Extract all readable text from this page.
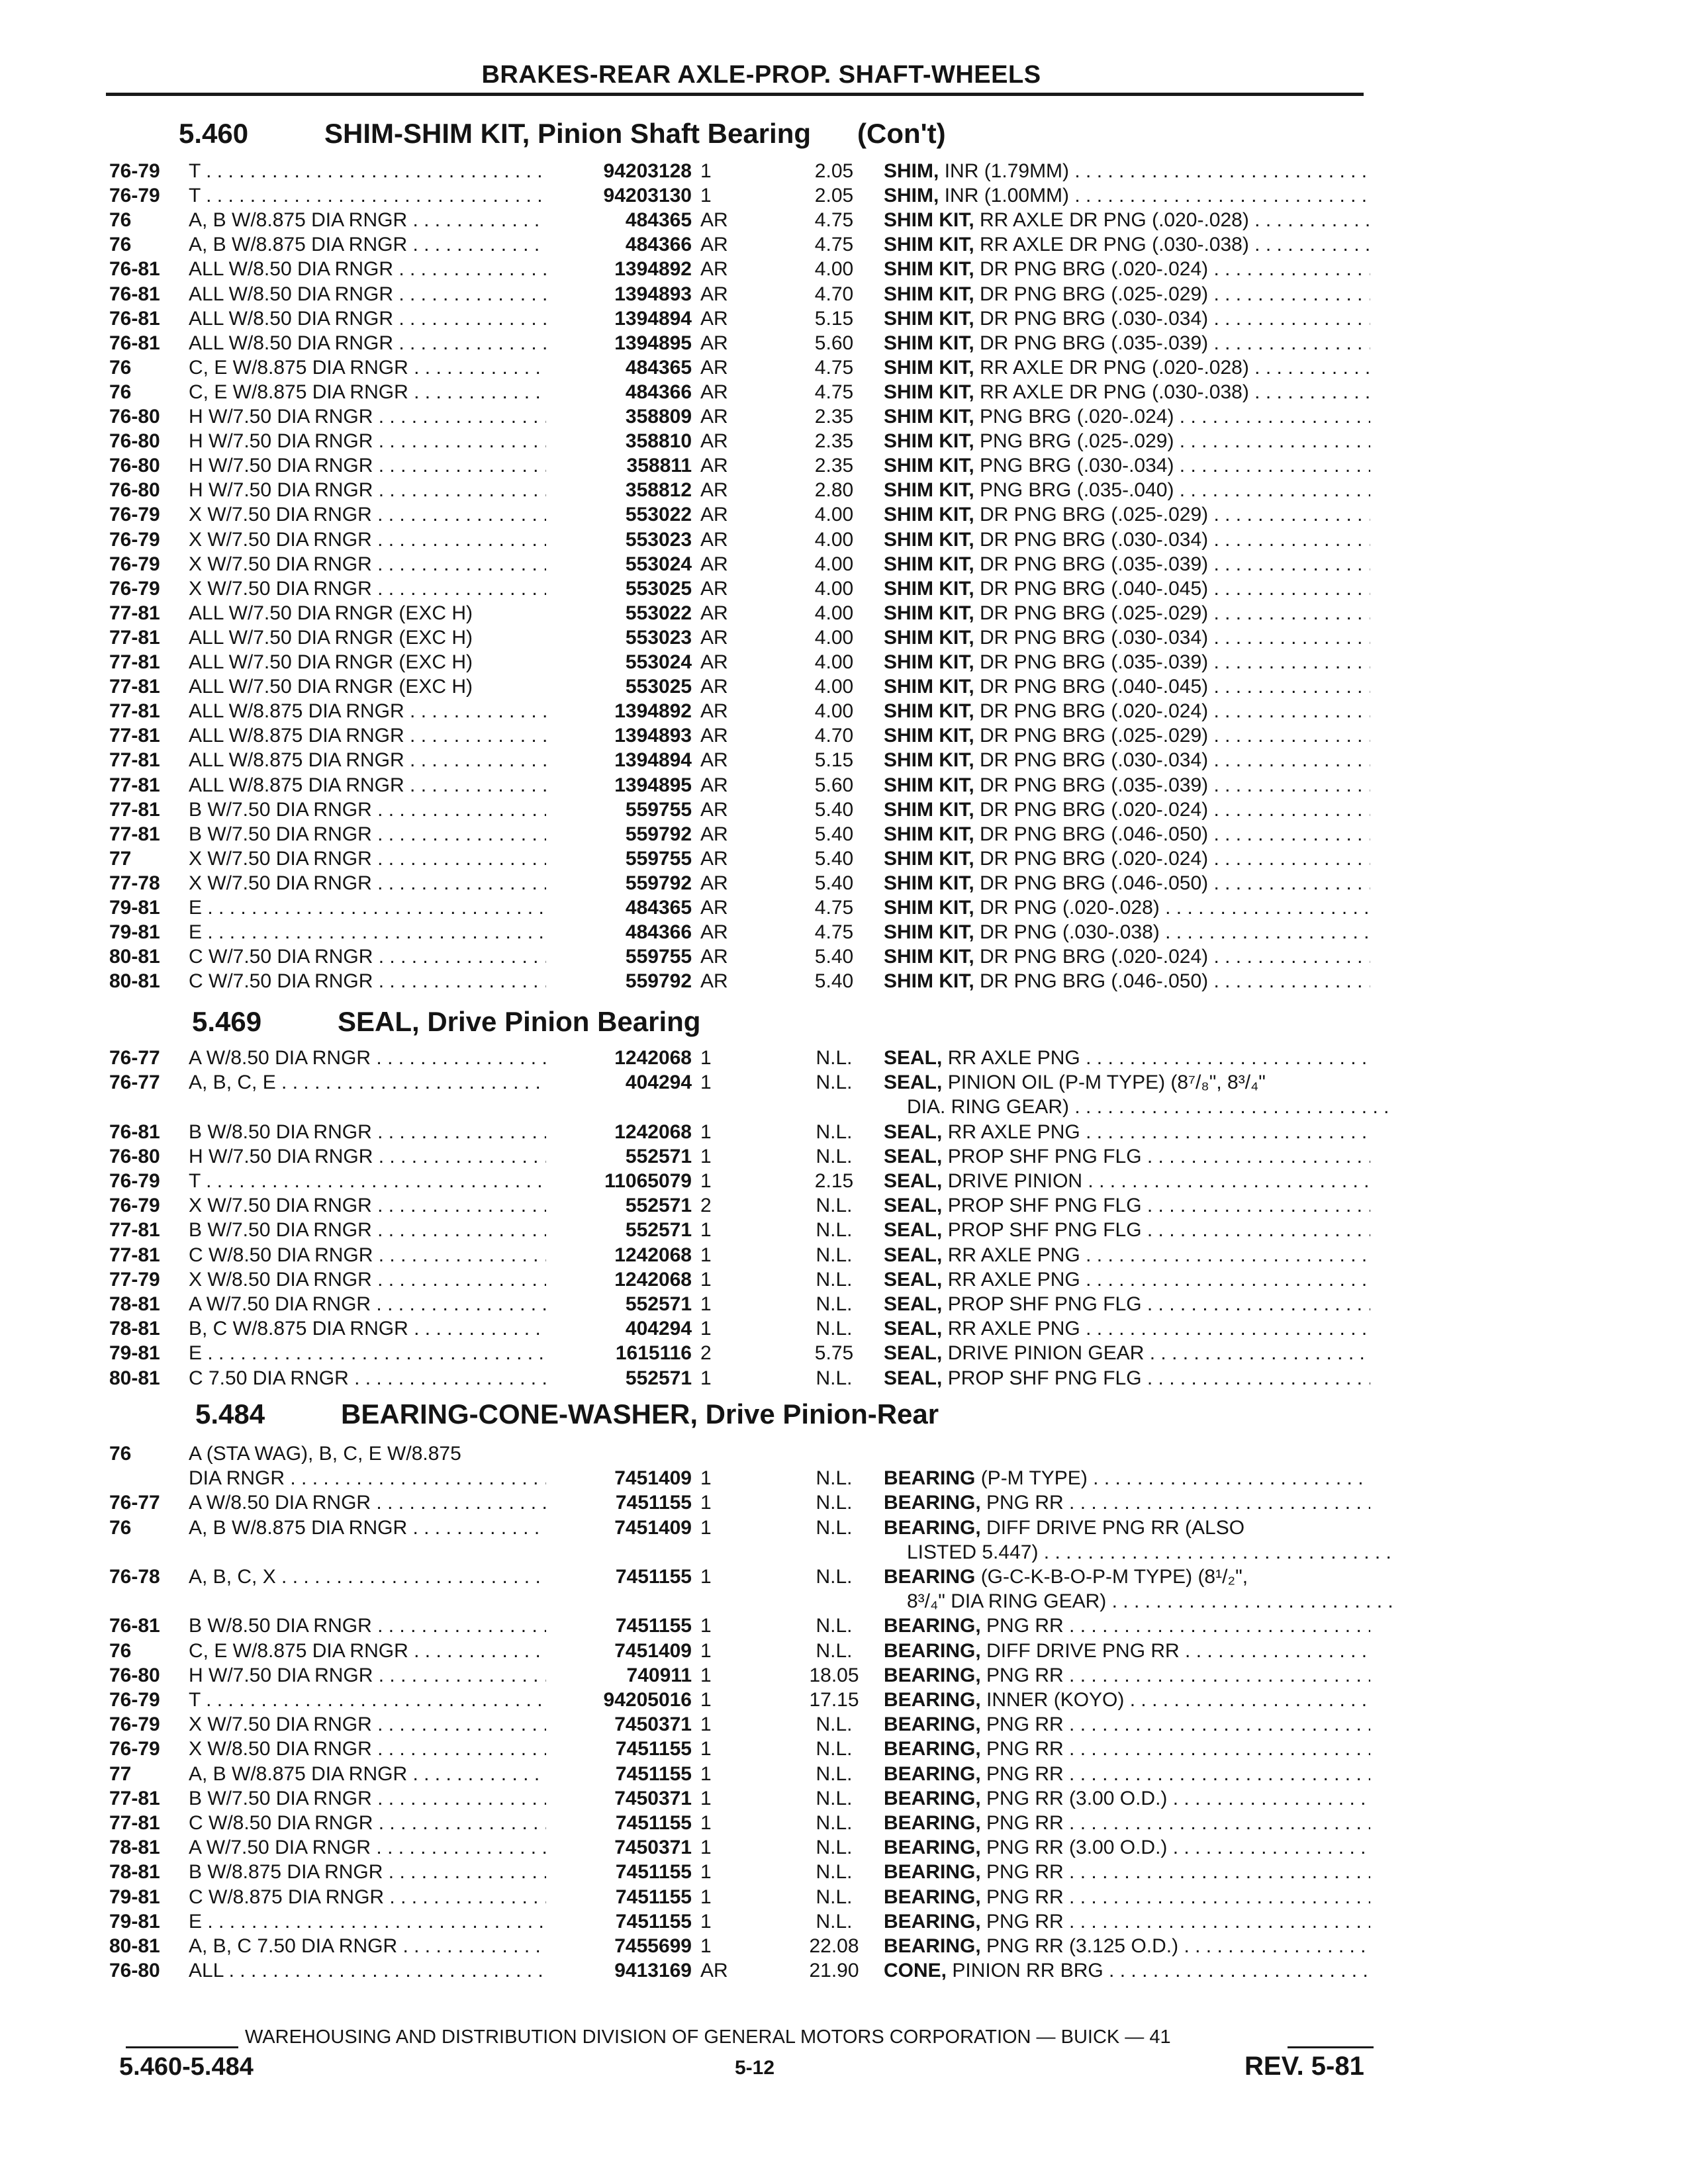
BRAKES-REAR AXLE-PROP. SHAFT-WHEELS
5.460	SHIM-SHIM KIT, Pinion Shaft Bearing (Con't)
76-79 T . . .	94203128 1	2.05	SHIM, INR (1.79MM) . . .
76-79 T . . .	94203130 1	2.05	SHIM, INR (1.00MM) . . .
76	A, B W/8.875 DIA RNGR . . .	484365 AR	4.75	SHIM KIT, RR AXLE DR PNG (.020-.028) . . .
76	A, B W/8.875 DIA RNGR . . .	484366 AR	4.75	SHIM KIT, RR AXLE DR PNG (.030-.038) . . .
76-81 ALL W/8.50 DIA RNGR . . .	1394892 AR	4.00	SHIM KIT, DR PNG BRG (.020-.024) . . .
76-81 ALL W/8.50 DIA RNGR . . .	1394893 AR	4.70	SHIM KIT, DR PNG BRG (.025-.029) . . .
76-81 ALL W/8.50 DIA RNGR . . .	1394894 AR	5.15	SHIM KIT, DR PNG BRG (.030-.034) . . .
76-81 ALL W/8.50 DIA RNGR . . .	1394895 AR	5.60	SHIM KIT, DR PNG BRG (.035-.039) . . .
76	C, E W/8.875 DIA RNGR . . .	484365 AR	4.75	SHIM KIT, RR AXLE DR PNG (.020-.028) . . .
76	C, E W/8.875 DIA RNGR . . .	484366 AR	4.75	SHIM KIT, RR AXLE DR PNG (.030-.038) . . .
76-80 H W/7.50 DIA RNGR . . .	358809 AR	2.35	SHIM KIT, PNG BRG (.020-.024) . . .
76-80 H W/7.50 DIA RNGR . . .	358810 AR	2.35	SHIM KIT, PNG BRG (.025-.029) . . .
76-80 H W/7.50 DIA RNGR . . .	358811 AR	2.35	SHIM KIT, PNG BRG (.030-.034) . . .
76-80 H W/7.50 DIA RNGR . . .	358812 AR	2.80	SHIM KIT, PNG BRG (.035-.040) . . .
76-79 X W/7.50 DIA RNGR . . .	553022 AR	4.00	SHIM KIT, DR PNG BRG (.025-.029) . . .
76-79 X W/7.50 DIA RNGR . . .	553023 AR	4.00	SHIM KIT, DR PNG BRG (.030-.034) . . .
76-79 X W/7.50 DIA RNGR . . .	553024 AR	4.00	SHIM KIT, DR PNG BRG (.035-.039) . . .
76-79 X W/7.50 DIA RNGR . . .	553025 AR	4.00	SHIM KIT, DR PNG BRG (.040-.045) . . .
77-81 ALL W/7.50 DIA RNGR (EXC H)	553022 AR	4.00	SHIM KIT, DR PNG BRG (.025-.029) . . .
77-81 ALL W/7.50 DIA RNGR (EXC H)	553023 AR	4.00	SHIM KIT, DR PNG BRG (.030-.034) . . .
77-81 ALL W/7.50 DIA RNGR (EXC H)	553024 AR	4.00	SHIM KIT, DR PNG BRG (.035-.039) . . .
77-81 ALL W/7.50 DIA RNGR (EXC H)	553025 AR	4.00	SHIM KIT, DR PNG BRG (.040-.045) . . .
77-81 ALL W/8.875 DIA RNGR . . .	1394892 AR	4.00	SHIM KIT, DR PNG BRG (.020-.024) . . .
77-81 ALL W/8.875 DIA RNGR . . .	1394893 AR	4.70	SHIM KIT, DR PNG BRG (.025-.029) . . .
77-81 ALL W/8.875 DIA RNGR . . .	1394894 AR	5.15	SHIM KIT, DR PNG BRG (.030-.034) . . .
77-81 ALL W/8.875 DIA RNGR . . .	1394895 AR	5.60	SHIM KIT, DR PNG BRG (.035-.039) . . .
77-81 B W/7.50 DIA RNGR . . .	559755 AR	5.40	SHIM KIT, DR PNG BRG (.020-.024) . . .
77-81 B W/7.50 DIA RNGR . . .	559792 AR	5.40	SHIM KIT, DR PNG BRG (.046-.050) . . .
77	X W/7.50 DIA RNGR . . .	559755 AR	5.40	SHIM KIT, DR PNG BRG (.020-.024) . . .
77-78 X W/7.50 DIA RNGR . . .	559792 AR	5.40	SHIM KIT, DR PNG BRG (.046-.050) . . .
79-81 E . . .	484365 AR	4.75	SHIM KIT, DR PNG (.020-.028) . . .
79-81 E . . .	484366 AR	4.75	SHIM KIT, DR PNG (.030-.038) . . .
80-81 C W/7.50 DIA RNGR . . .	559755 AR	5.40	SHIM KIT, DR PNG BRG (.020-.024) . . .
80-81 C W/7.50 DIA RNGR . . .	559792 AR	5.40	SHIM KIT, DR PNG BRG (.046-.050) . . .
5.469	SEAL, Drive Pinion Bearing
76-77 A W/8.50 DIA RNGR . . .	1242068 1	N.L.	SEAL, RR AXLE PNG . . .
76-77 A, B, C, E . . .	404294 1	N.L.	SEAL, PINION OIL (P-M TYPE) (8⁷/₈", 8³/₄"
DIA. RING GEAR) . . .
76-81 B W/8.50 DIA RNGR . . .	1242068 1	N.L.	SEAL, RR AXLE PNG . . .
76-80 H W/7.50 DIA RNGR . . .	552571 1	N.L.	SEAL, PROP SHF PNG FLG . . .
76-79 T . . .	11065079 1	2.15	SEAL, DRIVE PINION . . .
76-79 X W/7.50 DIA RNGR . . .	552571 2	N.L.	SEAL, PROP SHF PNG FLG . . .
77-81 B W/7.50 DIA RNGR . . .	552571 1	N.L.	SEAL, PROP SHF PNG FLG . . .
77-81 C W/8.50 DIA RNGR . . .	1242068 1	N.L.	SEAL, RR AXLE PNG . . .
77-79 X W/8.50 DIA RNGR . . .	1242068 1	N.L.	SEAL, RR AXLE PNG . . .
78-81 A W/7.50 DIA RNGR . . .	552571 1	N.L.	SEAL, PROP SHF PNG FLG . . .
78-81 B, C W/8.875 DIA RNGR . . .	404294 1	N.L.	SEAL, RR AXLE PNG . . .
79-81 E . . .	1615116 2	5.75	SEAL, DRIVE PINION GEAR . . .
80-81 C 7.50 DIA RNGR . . .	552571 1	N.L.	SEAL, PROP SHF PNG FLG . . .
5.484	BEARING-CONE-WASHER, Drive Pinion-Rear
76	A (STA WAG), B, C, E W/8.875
DIA RNGR . . .	7451409 1	N.L.	BEARING (P-M TYPE) . . .
76-77 A W/8.50 DIA RNGR . . .	7451155 1	N.L.	BEARING, PNG RR . . .
76	A, B W/8.875 DIA RNGR . . .	7451409 1	N.L.	BEARING, DIFF DRIVE PNG RR (ALSO
LISTED 5.447) . . .
76-78 A, B, C, X . . .	7451155 1	N.L.	BEARING (G-C-K-B-O-P-M TYPE) (8¹/₂",
8³/₄" DIA RING GEAR) . . .
76-81 B W/8.50 DIA RNGR . . .	7451155 1	N.L.	BEARING, PNG RR . . .
76	C, E W/8.875 DIA RNGR . . .	7451409 1	N.L.	BEARING, DIFF DRIVE PNG RR . . .
76-80 H W/7.50 DIA RNGR . . .	740911 1	18.05	BEARING, PNG RR . . .
76-79 T . . .	94205016 1	17.15	BEARING, INNER (KOYO) . . .
76-79 X W/7.50 DIA RNGR . . .	7450371 1	N.L.	BEARING, PNG RR . . .
76-79 X W/8.50 DIA RNGR . . .	7451155 1	N.L.	BEARING, PNG RR . . .
77	A, B W/8.875 DIA RNGR . . .	7451155 1	N.L.	BEARING, PNG RR . . .
77-81 B W/7.50 DIA RNGR . . .	7450371 1	N.L.	BEARING, PNG RR (3.00 O.D.) . . .
77-81 C W/8.50 DIA RNGR . . .	7451155 1	N.L.	BEARING, PNG RR . . .
78-81 A W/7.50 DIA RNGR . . .	7450371 1	N.L.	BEARING, PNG RR (3.00 O.D.) . . .
78-81 B W/8.875 DIA RNGR . . .	7451155 1	N.L.	BEARING, PNG RR . . .
79-81 C W/8.875 DIA RNGR . . .	7451155 1	N.L.	BEARING, PNG RR . . .
79-81 E . . .	7451155 1	N.L.	BEARING, PNG RR . . .
80-81 A, B, C 7.50 DIA RNGR . . .	7455699 1	22.08	BEARING, PNG RR (3.125 O.D.) . . .
76-80 ALL . . .	9413169 AR	21.90	CONE, PINION RR BRG . . .
WAREHOUSING AND DISTRIBUTION DIVISION OF GENERAL MOTORS CORPORATION — BUICK — 41
5.460-5.484	5-12	REV. 5-81
